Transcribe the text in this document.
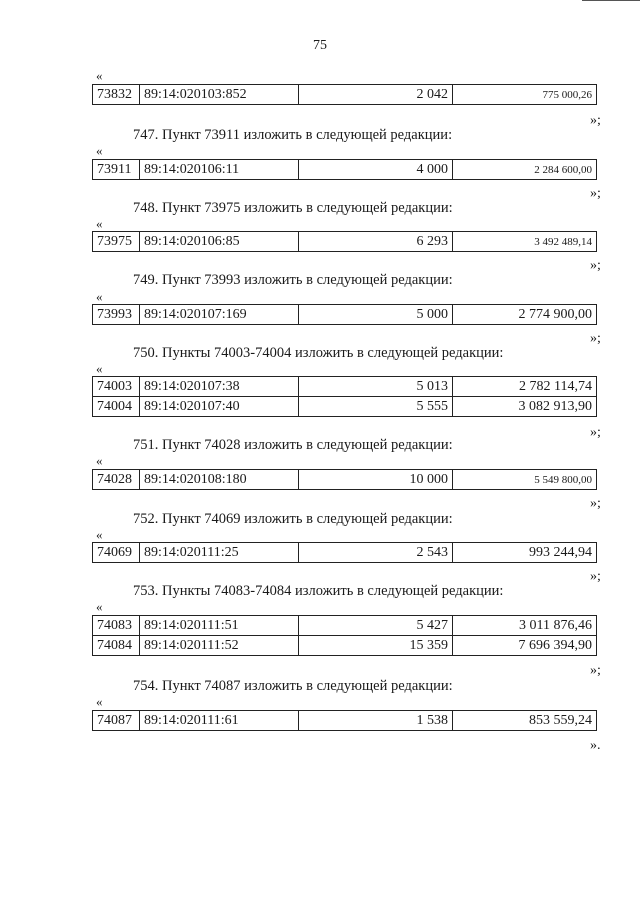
75
«
73832	89:14:020103:852	2 042	775 000,26
»;
747. Пункт 73911 изложить в следующей редакции:
«
73911	89:14:020106:11	4 000	2 284 600,00
»;
748. Пункт 73975 изложить в следующей редакции:
«
73975	89:14:020106:85	6 293	3 492 489,14
»;
749. Пункт 73993 изложить в следующей редакции:
«
73993	89:14:020107:169	5 000	2 774 900,00
»;
750. Пункты 74003-74004 изложить в следующей редакции:
«
74003	89:14:020107:38	5 013	2 782 114,74
74004	89:14:020107:40	5 555	3 082 913,90
»;
751. Пункт 74028 изложить в следующей редакции:
«
74028	89:14:020108:180	10 000	5 549 800,00
»;
752. Пункт 74069 изложить в следующей редакции:
«
74069	89:14:020111:25	2 543	993 244,94
»;
753. Пункты 74083-74084 изложить в следующей редакции:
«
74083	89:14:020111:51	5 427	3 011 876,46
74084	89:14:020111:52	15 359	7 696 394,90
»;
754. Пункт 74087 изложить в следующей редакции:
«
74087	89:14:020111:61	1 538	853 559,24
».
